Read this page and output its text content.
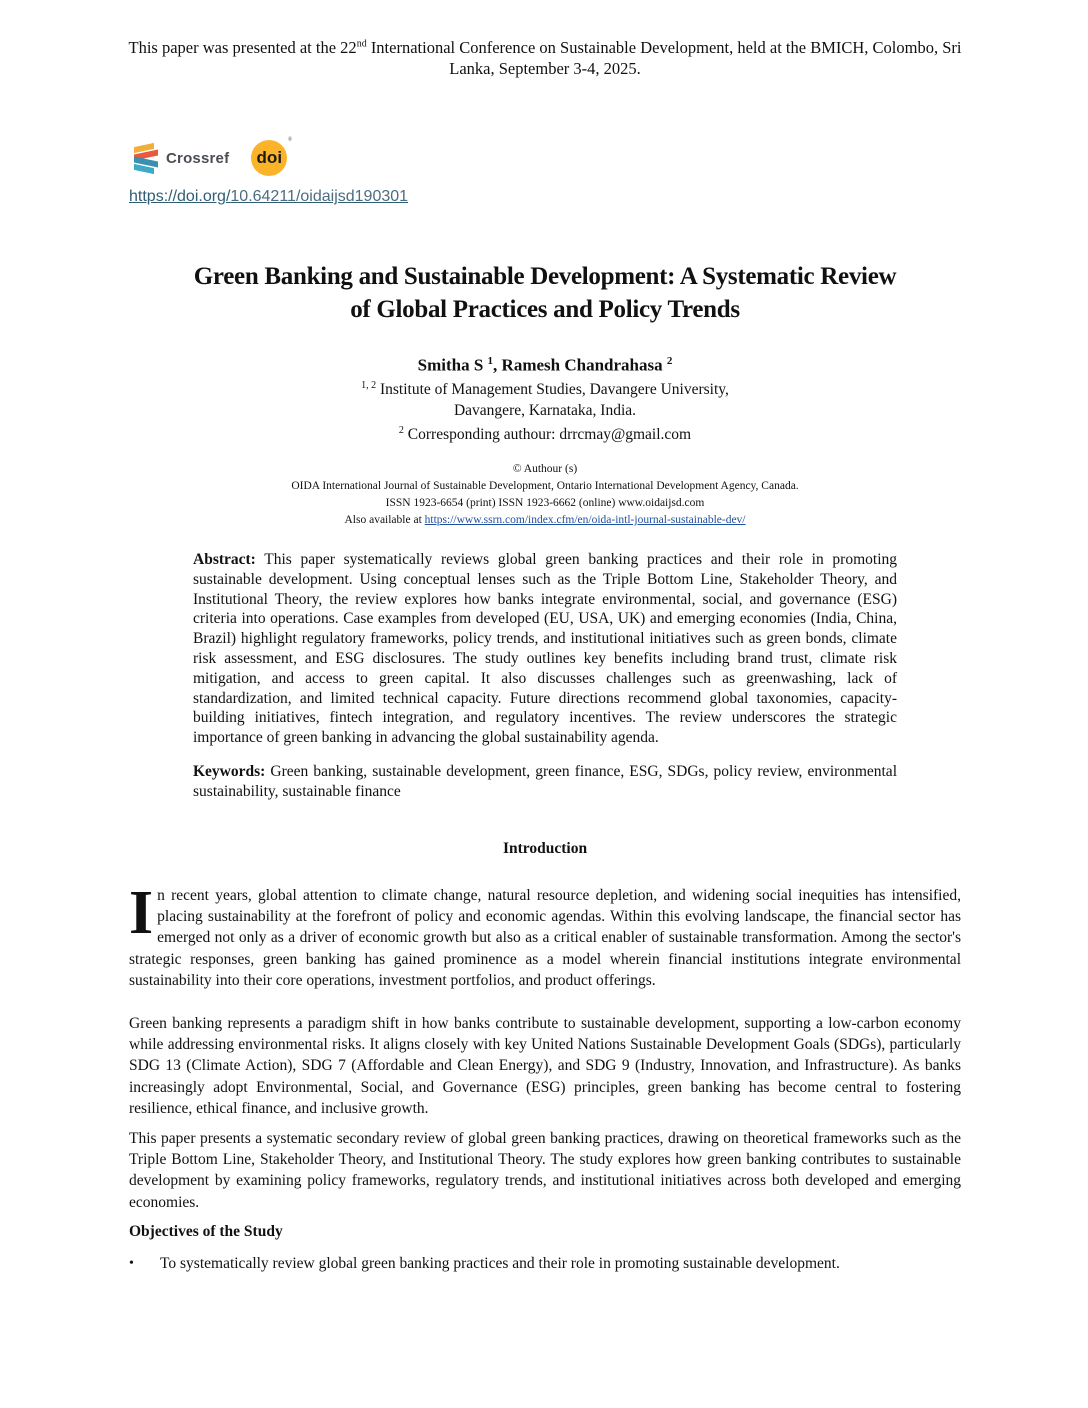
This paper was presented at the 22nd International Conference on Sustainable Development, held at the BMICH, Colombo, Sri Lanka, September 3-4, 2025.
Crossref doi
®
https://doi.org/10.64211/oidaijsd190301
Green Banking and Sustainable Development: A Systematic Review
of Global Practices and Policy Trends
Smitha S $^1$, Ramesh Chandrahasa $^2$
$^{1, 2}$ Institute of Management Studies, Davangere University,
Davangere, Karnataka, India.
$^2$ Corresponding authour: drrcmay@gmail.com
© Authour (s)
OIDA International Journal of Sustainable Development, Ontario International Development Agency, Canada.
ISSN 1923-6654 (print) ISSN 1923-6662 (online) www.oidaijsd.com
Also available at https://www.ssrn.com/index.cfm/en/oida-intl-journal-sustainable-dev/
Abstract: This paper systematically reviews global green banking practices and their role in promoting sustainable development. Using conceptual lenses such as the Triple Bottom Line, Stakeholder Theory, and Institutional Theory, the review explores how banks integrate environmental, social, and governance (ESG) criteria into operations. Case examples from developed (EU, USA, UK) and emerging economies (India, China, Brazil) highlight regulatory frameworks, policy trends, and institutional initiatives such as green bonds, climate risk assessment, and ESG disclosures. The study outlines key benefits including brand trust, climate risk mitigation, and access to green capital. It also discusses challenges such as greenwashing, lack of standardization, and limited technical capacity. Future directions recommend global taxonomies, capacity-building initiatives, fintech integration, and regulatory incentives. The review underscores the strategic importance of green banking in advancing the global sustainability agenda.
Keywords: Green banking, sustainable development, green finance, ESG, SDGs, policy review, environmental sustainability, sustainable finance
Introduction
In recent years, global attention to climate change, natural resource depletion, and widening social inequities has intensified, placing sustainability at the forefront of policy and economic agendas. Within this evolving landscape, the financial sector has emerged not only as a driver of economic growth but also as a critical enabler of sustainable transformation. Among the sector's strategic responses, green banking has gained prominence as a model wherein financial institutions integrate environmental sustainability into their core operations, investment portfolios, and product offerings.
Green banking represents a paradigm shift in how banks contribute to sustainable development, supporting a low-carbon economy while addressing environmental risks. It aligns closely with key United Nations Sustainable Development Goals (SDGs), particularly SDG 13 (Climate Action), SDG 7 (Affordable and Clean Energy), and SDG 9 (Industry, Innovation, and Infrastructure). As banks increasingly adopt Environmental, Social, and Governance (ESG) principles, green banking has become central to fostering resilience, ethical finance, and inclusive growth.
This paper presents a systematic secondary review of global green banking practices, drawing on theoretical frameworks such as the Triple Bottom Line, Stakeholder Theory, and Institutional Theory. The study explores how green banking contributes to sustainable development by examining policy frameworks, regulatory trends, and institutional initiatives across both developed and emerging economies.
Objectives of the Study
• To systematically review global green banking practices and their role in promoting sustainable development.
